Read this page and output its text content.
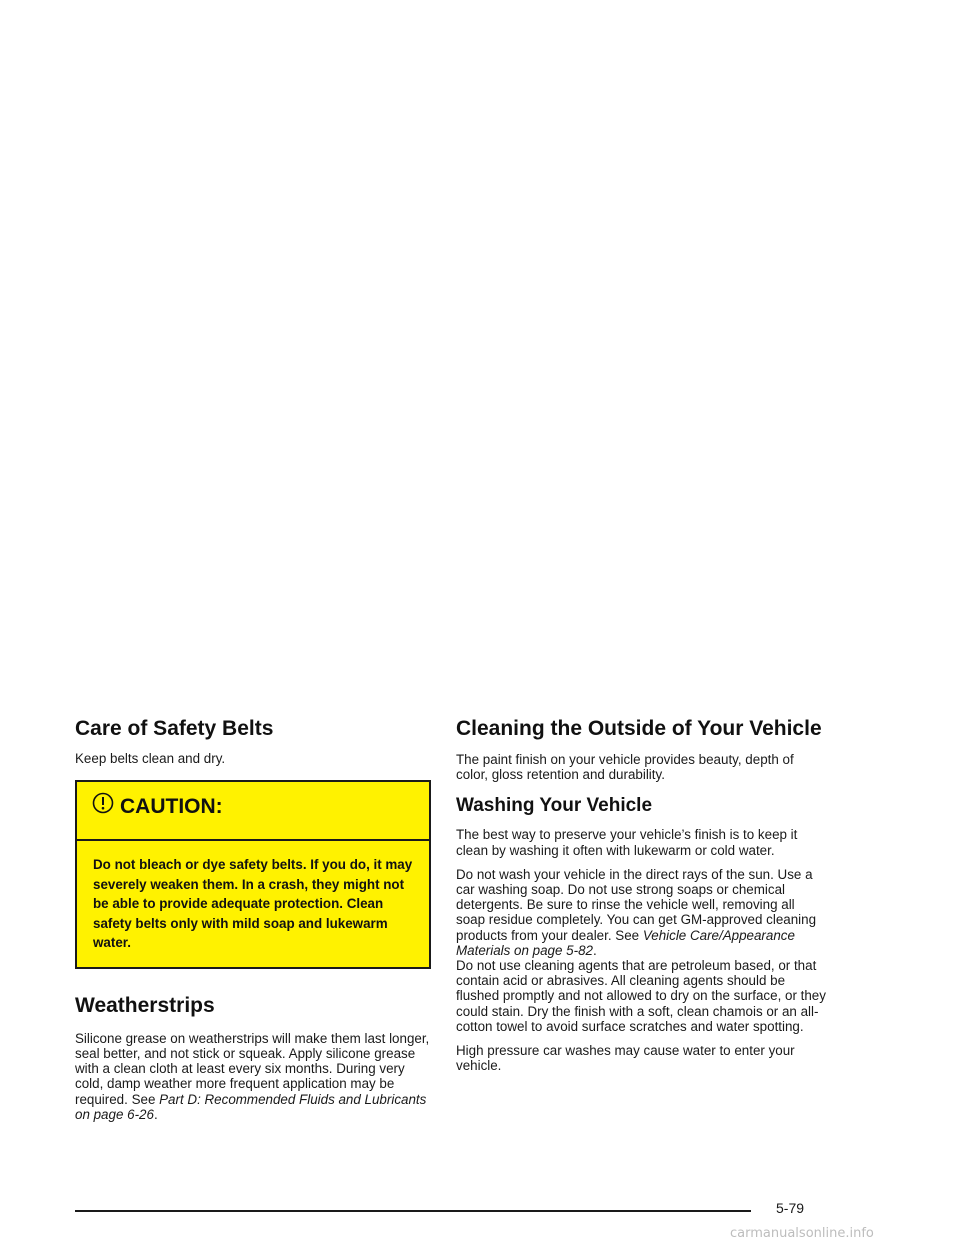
Care of Safety Belts

Keep belts clean and dry.

CAUTION:
Do not bleach or dye safety belts. If you do, it may severely weaken them. In a crash, they might not be able to provide adequate protection. Clean safety belts only with mild soap and lukewarm water.
Weatherstrips

Silicone grease on weatherstrips will make them last longer, seal better, and not stick or squeak. Apply silicone grease with a clean cloth at least every six months. During very cold, damp weather more frequent application may be required. See Part D: Recommended Fluids and Lubricants on page 6-26.

Cleaning the Outside of Your Vehicle

The paint finish on your vehicle provides beauty, depth of color, gloss retention and durability.

Washing Your Vehicle

The best way to preserve your vehicle’s finish is to keep it clean by washing it often with lukewarm or cold water.

Do not wash your vehicle in the direct rays of the sun. Use a car washing soap. Do not use strong soaps or chemical detergents. Be sure to rinse the vehicle well, removing all soap residue completely. You can get GM-approved cleaning products from your dealer. See Vehicle Care/Appearance Materials on page 5-82.

Do not use cleaning agents that are petroleum based, or that contain acid or abrasives. All cleaning agents should be flushed promptly and not allowed to dry on the surface, or they could stain. Dry the finish with a soft, clean chamois or an all-cotton towel to avoid surface scratches and water spotting.

High pressure car washes may cause water to enter your vehicle.

5-79
carmanualsonline.info
